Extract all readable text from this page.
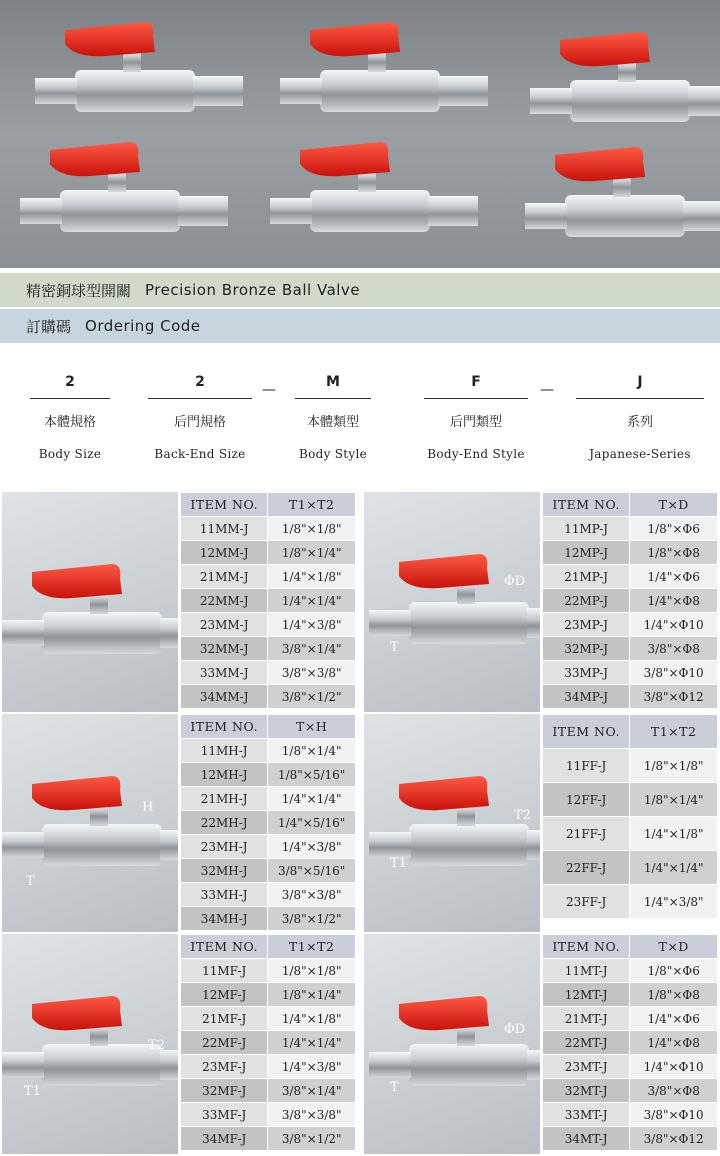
精密銅球型開關 Precision Bronze Ball Valve
訂購碼 Ordering Code
2	2	—	M	F	—	J
本體規格	后門規格	本體類型	后門類型	系列
Body Size	Back-End Size	Body Style	Body-End Style	Japanese-Series
ITEM NO.	T1×T2
11MM-J	1/8"×1/8"
12MM-J	1/8"×1/4"
21MM-J	1/4"×1/8"
22MM-J	1/4"×1/4"
23MM-J	1/4"×3/8"
32MM-J	3/8"×1/4"
33MM-J	3/8"×3/8"
34MM-J	3/8"×1/2"
ΦD
T
ITEM NO.	T×D
11MP-J	1/8"×Φ6
12MP-J	1/8"×Φ8
21MP-J	1/4"×Φ6
22MP-J	1/4"×Φ8
23MP-J	1/4"×Φ10
32MP-J	3/8"×Φ8
33MP-J	3/8"×Φ10
34MP-J	3/8"×Φ12
H
T
ITEM NO.	T×H
11MH-J	1/8"×1/4"
12MH-J	1/8"×5/16"
21MH-J	1/4"×1/4"
22MH-J	1/4"×5/16"
23MH-J	1/4"×3/8"
32MH-J	3/8"×5/16"
33MH-J	3/8"×3/8"
34MH-J	3/8"×1/2"
T2
T1
ITEM NO.	T1×T2
11FF-J	1/8"×1/8"
12FF-J	1/8"×1/4"
21FF-J	1/4"×1/8"
22FF-J	1/4"×1/4"
23FF-J	1/4"×3/8"
T2
T1
ITEM NO.	T1×T2
11MF-J	1/8"×1/8"
12MF-J	1/8"×1/4"
21MF-J	1/4"×1/8"
22MF-J	1/4"×1/4"
23MF-J	1/4"×3/8"
32MF-J	3/8"×1/4"
33MF-J	3/8"×3/8"
34MF-J	3/8"×1/2"
ΦD
T
ITEM NO.	T×D
11MT-J	1/8"×Φ6
12MT-J	1/8"×Φ8
21MT-J	1/4"×Φ6
22MT-J	1/4"×Φ8
23MT-J	1/4"×Φ10
32MT-J	3/8"×Φ8
33MT-J	3/8"×Φ10
34MT-J	3/8"×Φ12
